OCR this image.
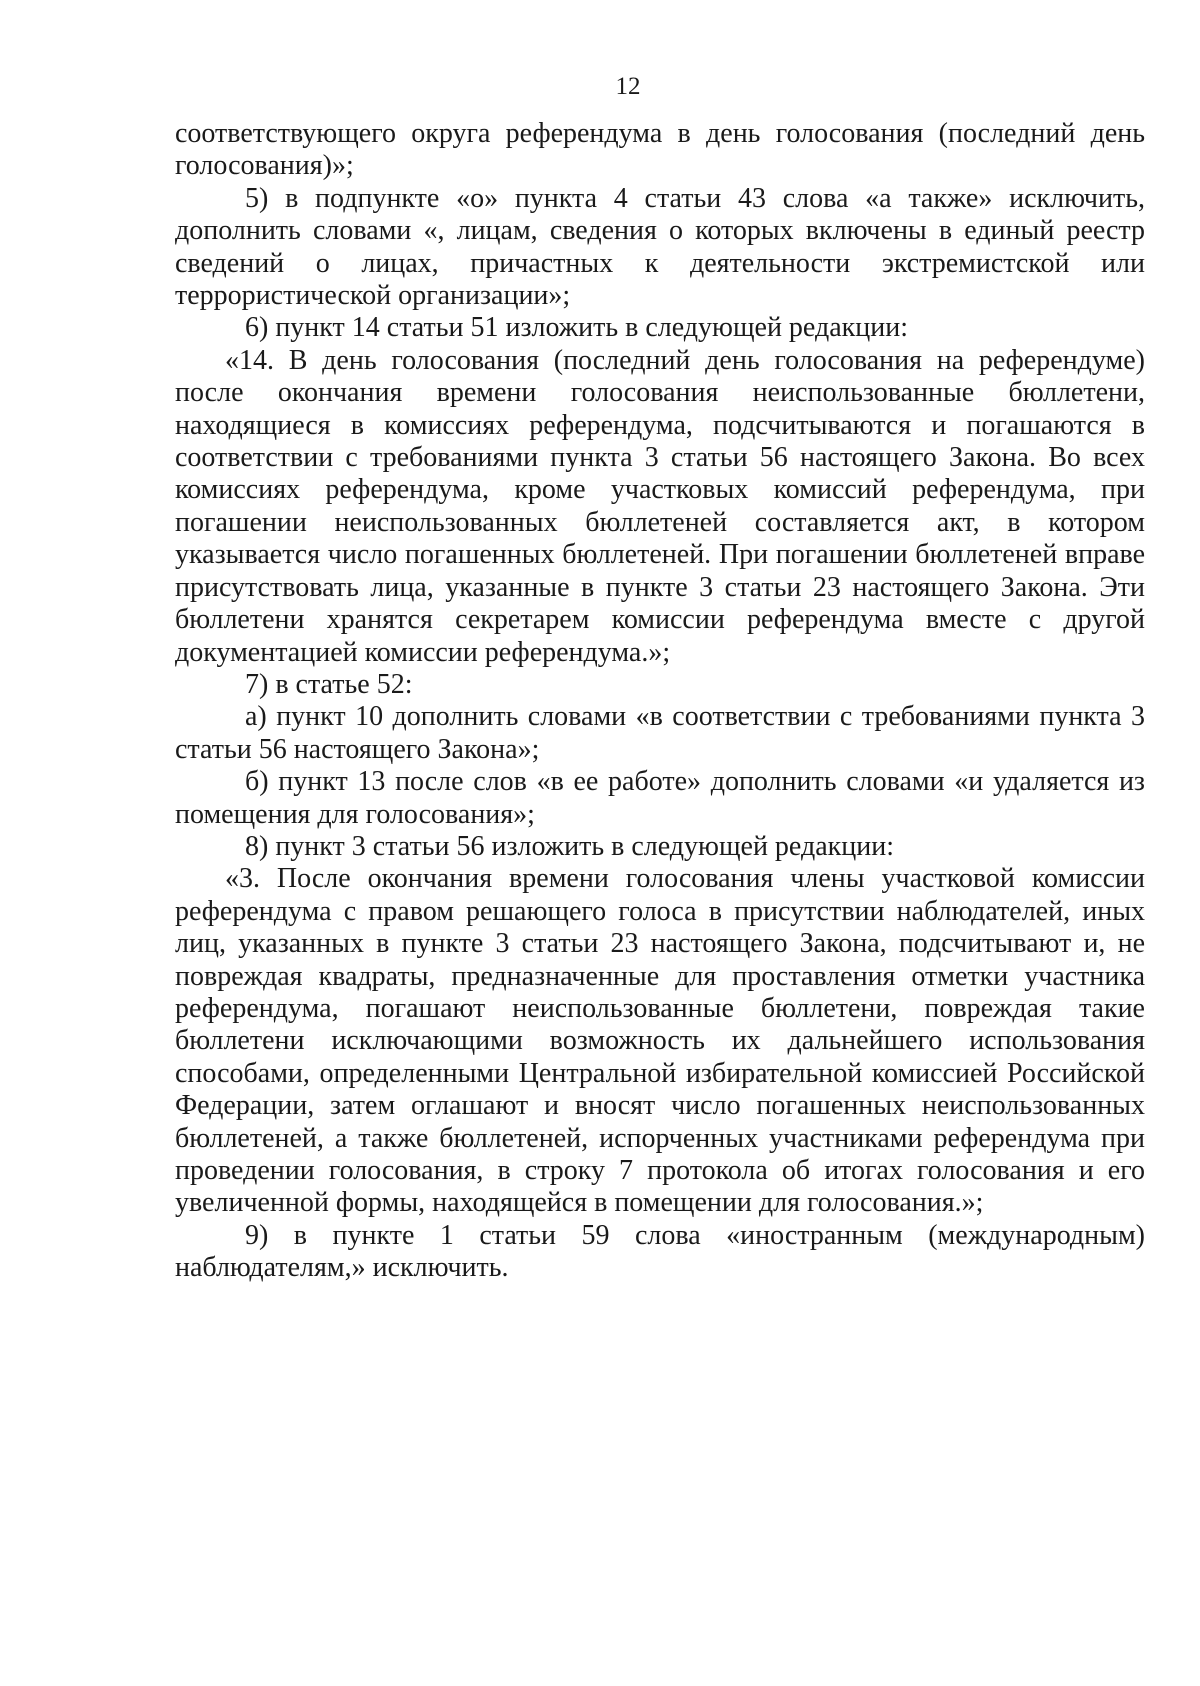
12

соответствующего округа референдума в день голосования (последний день голосования)»;

5) в подпункте «о» пункта 4 статьи 43 слова «а также» исключить, дополнить словами «, лицам, сведения о которых включены в единый реестр сведений о лицах, причастных к деятельности экстремистской или террористической организации»;

6) пункт 14 статьи 51 изложить в следующей редакции:

«14. В день голосования (последний день голосования на референдуме) после окончания времени голосования неиспользованные бюллетени, находящиеся в комиссиях референдума, подсчитываются и погашаются в соответствии с требованиями пункта 3 статьи 56 настоящего Закона. Во всех комиссиях референдума, кроме участковых комиссий референдума, при погашении неиспользованных бюллетеней составляется акт, в котором указывается число погашенных бюллетеней. При погашении бюллетеней вправе присутствовать лица, указанные в пункте 3 статьи 23 настоящего Закона. Эти бюллетени хранятся секретарем комиссии референдума вместе с другой документацией комиссии референдума.»;

7) в статье 52:

а) пункт 10 дополнить словами «в соответствии с требованиями пункта 3 статьи 56 настоящего Закона»;

б) пункт 13 после слов «в ее работе» дополнить словами «и удаляется из помещения для голосования»;

8) пункт 3 статьи 56 изложить в следующей редакции:

«3. После окончания времени голосования члены участковой комиссии референдума с правом решающего голоса в присутствии наблюдателей, иных лиц, указанных в пункте 3 статьи 23 настоящего Закона, подсчитывают и, не повреждая квадраты, предназначенные для проставления отметки участника референдума, погашают неиспользованные бюллетени, повреждая такие бюллетени исключающими возможность их дальнейшего использования способами, определенными Центральной избирательной комиссией Российской Федерации, затем оглашают и вносят число погашенных неиспользованных бюллетеней, а также бюллетеней, испорченных участниками референдума при проведении голосования, в строку 7 протокола об итогах голосования и его увеличенной формы, находящейся в помещении для голосования.»;

9) в пункте 1 статьи 59 слова «иностранным (международным) наблюдателям,» исключить.
